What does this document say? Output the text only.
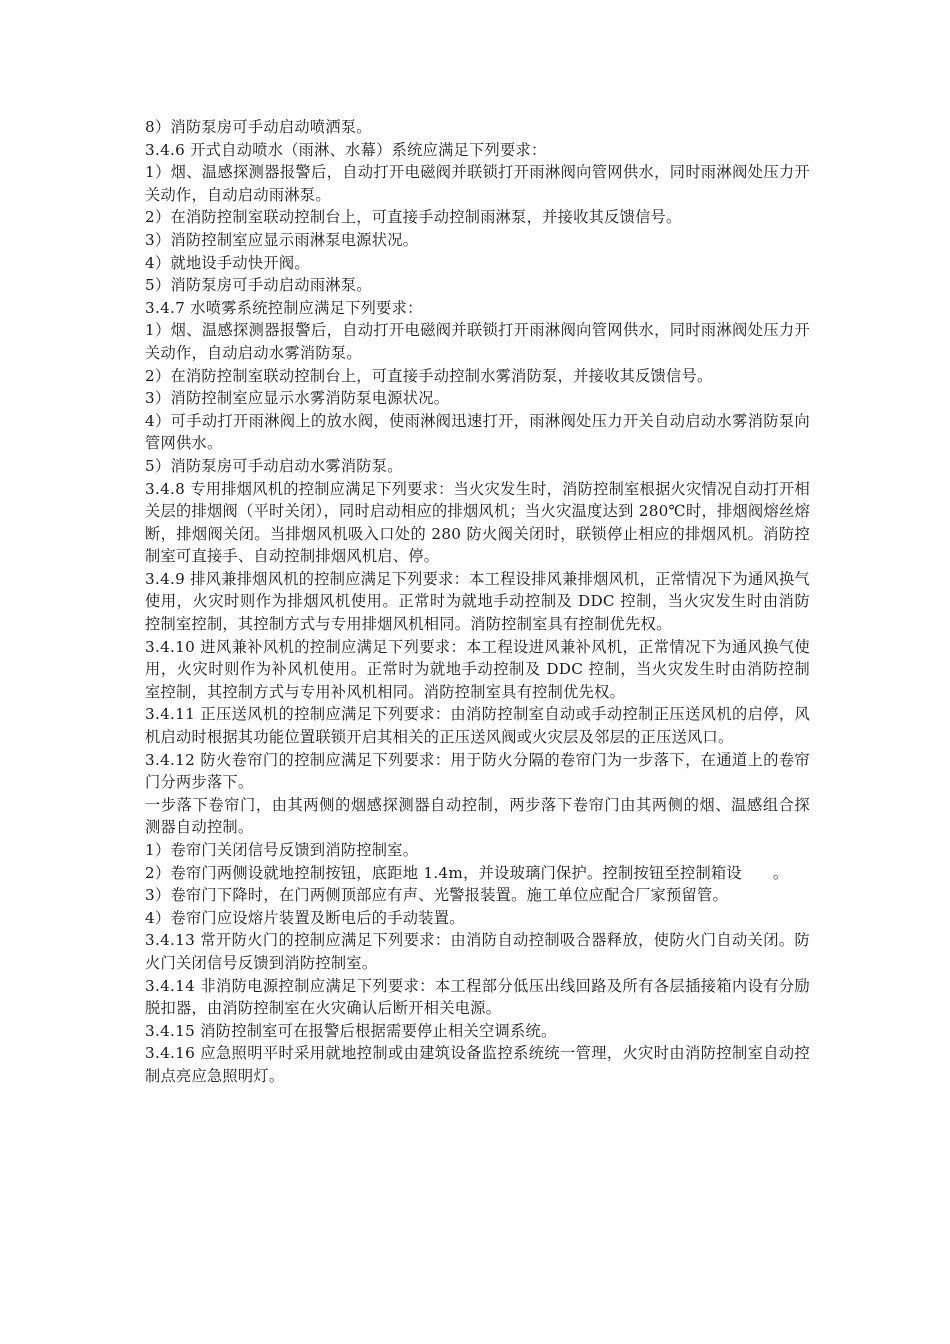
8）消防泵房可手动启动喷洒泵。

3.4.6 开式自动喷水（雨淋、水幕）系统应满足下列要求：

1）烟、温感探测器报警后，自动打开电磁阀并联锁打开雨淋阀向管网供水，同时雨淋阀处压力开关动作，自动启动雨淋泵。

2）在消防控制室联动控制台上，可直接手动控制雨淋泵，并接收其反馈信号。

3）消防控制室应显示雨淋泵电源状况。

4）就地设手动快开阀。

5）消防泵房可手动启动雨淋泵。

3.4.7 水喷雾系统控制应满足下列要求：

1）烟、温感探测器报警后，自动打开电磁阀并联锁打开雨淋阀向管网供水，同时雨淋阀处压力开关动作，自动启动水雾消防泵。

2）在消防控制室联动控制台上，可直接手动控制水雾消防泵，并接收其反馈信号。

3）消防控制室应显示水雾消防泵电源状况。

4）可手动打开雨淋阀上的放水阀，使雨淋阀迅速打开，雨淋阀处压力开关自动启动水雾消防泵向管网供水。

5）消防泵房可手动启动水雾消防泵。

3.4.8 专用排烟风机的控制应满足下列要求：当火灾发生时，消防控制室根据火灾情况自动打开相关层的排烟阀（平时关闭），同时启动相应的排烟风机；当火灾温度达到 280℃时，排烟阀熔丝熔断，排烟阀关闭。当排烟风机吸入口处的 280 防火阀关闭时，联锁停止相应的排烟风机。消防控制室可直接手、自动控制排烟风机启、停。

3.4.9 排风兼排烟风机的控制应满足下列要求：本工程设排风兼排烟风机，正常情况下为通风换气使用，火灾时则作为排烟风机使用。正常时为就地手动控制及 DDC 控制，当火灾发生时由消防控制室控制，其控制方式与专用排烟风机相同。消防控制室具有控制优先权。

3.4.10 进风兼补风机的控制应满足下列要求：本工程设进风兼补风机，正常情况下为通风换气使用，火灾时则作为补风机使用。正常时为就地手动控制及 DDC 控制，当火灾发生时由消防控制室控制，其控制方式与专用补风机相同。消防控制室具有控制优先权。

3.4.11 正压送风机的控制应满足下列要求：由消防控制室自动或手动控制正压送风机的启停，风机启动时根据其功能位置联锁开启其相关的正压送风阀或火灾层及邻层的正压送风口。

3.4.12 防火卷帘门的控制应满足下列要求：用于防火分隔的卷帘门为一步落下，在通道上的卷帘门分两步落下。

一步落下卷帘门，由其两侧的烟感探测器自动控制，两步落下卷帘门由其两侧的烟、温感组合探测器自动控制。

1）卷帘门关闭信号反馈到消防控制室。

2）卷帘门两侧设就地控制按钮，底距地 1.4m，并设玻璃门保护。控制按钮至控制箱设　　。

3）卷帘门下降时，在门两侧顶部应有声、光警报装置。施工单位应配合厂家预留管。

4）卷帘门应设熔片装置及断电后的手动装置。

3.4.13 常开防火门的控制应满足下列要求：由消防自动控制吸合器释放，使防火门自动关闭。防火门关闭信号反馈到消防控制室。

3.4.14 非消防电源控制应满足下列要求：本工程部分低压出线回路及所有各层插接箱内设有分励脱扣器，由消防控制室在火灾确认后断开相关电源。

3.4.15 消防控制室可在报警后根据需要停止相关空调系统。

3.4.16 应急照明平时采用就地控制或由建筑设备监控系统统一管理，火灾时由消防控制室自动控制点亮应急照明灯。
